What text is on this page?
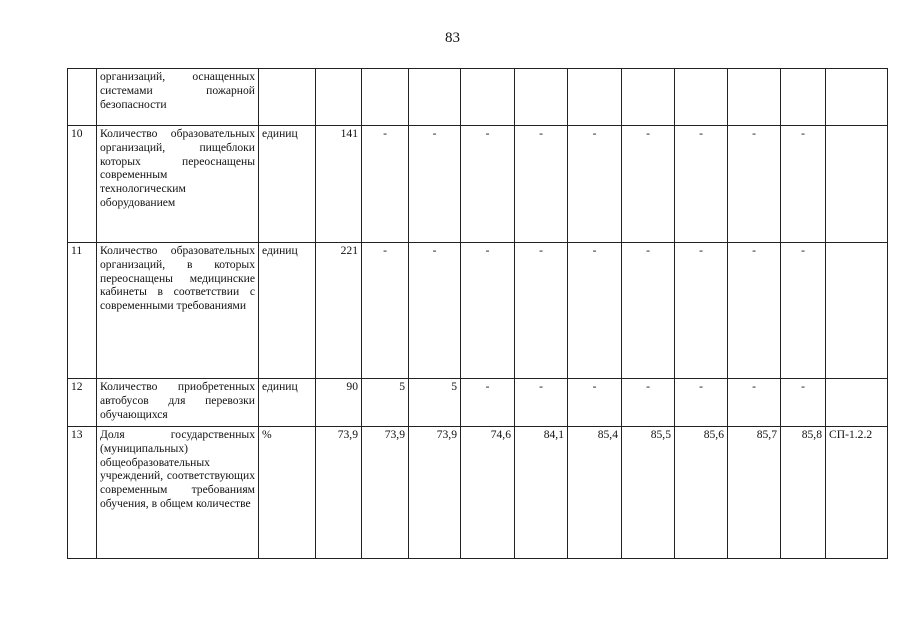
83
	организаций, оснащенных системами пожарной безопасности												
10	Количество образовательных организаций, пищеблоки которых переоснащены современным технологическим оборудованием	единиц	141	-	-	-	-	-	-	-	-	-	
11	Количество образовательных организаций, в которых переоснащены медицинские кабинеты в соответствии с современными требованиями	единиц	221	-	-	-	-	-	-	-	-	-	
12	Количество приобретенных автобусов для перевозки обучающихся	единиц	90	5	5	-	-	-	-	-	-	-	
13	Доля государственных (муниципальных) общеобразовательных учреждений, соответствующих современным требованиям обучения, в общем количестве	%	73,9	73,9	73,9	74,6	84,1	85,4	85,5	85,6	85,7	85,8	СП-1.2.2
